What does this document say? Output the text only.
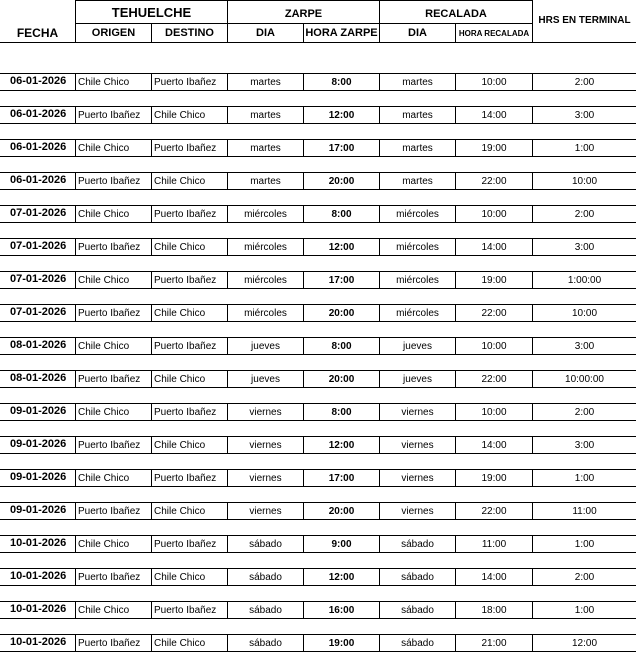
FECHA
TEHUELCHE
ORIGEN	DESTINO
ZARPE
DIA	HORA ZARPE
RECALADA
DIA	HORA RECALADA
HRS EN TERMINAL
06-01-2026	Chile Chico	Puerto Ibañez	martes	8:00	martes	10:00	2:00
06-01-2026	Puerto Ibañez	Chile Chico	martes	12:00	martes	14:00	3:00
06-01-2026	Chile Chico	Puerto Ibañez	martes	17:00	martes	19:00	1:00
06-01-2026	Puerto Ibañez	Chile Chico	martes	20:00	martes	22:00	10:00
07-01-2026	Chile Chico	Puerto Ibañez	miércoles	8:00	miércoles	10:00	2:00
07-01-2026	Puerto Ibañez	Chile Chico	miércoles	12:00	miércoles	14:00	3:00
07-01-2026	Chile Chico	Puerto Ibañez	miércoles	17:00	miércoles	19:00	1:00:00
07-01-2026	Puerto Ibañez	Chile Chico	miércoles	20:00	miércoles	22:00	10:00
08-01-2026	Chile Chico	Puerto Ibañez	jueves	8:00	jueves	10:00	3:00
08-01-2026	Puerto Ibañez	Chile Chico	jueves	20:00	jueves	22:00	10:00:00
09-01-2026	Chile Chico	Puerto Ibañez	viernes	8:00	viernes	10:00	2:00
09-01-2026	Puerto Ibañez	Chile Chico	viernes	12:00	viernes	14:00	3:00
09-01-2026	Chile Chico	Puerto Ibañez	viernes	17:00	viernes	19:00	1:00
09-01-2026	Puerto Ibañez	Chile Chico	viernes	20:00	viernes	22:00	11:00
10-01-2026	Chile Chico	Puerto Ibañez	sábado	9:00	sábado	11:00	1:00
10-01-2026	Puerto Ibañez	Chile Chico	sábado	12:00	sábado	14:00	2:00
10-01-2026	Chile Chico	Puerto Ibañez	sábado	16:00	sábado	18:00	1:00
10-01-2026	Puerto Ibañez	Chile Chico	sábado	19:00	sábado	21:00	12:00
